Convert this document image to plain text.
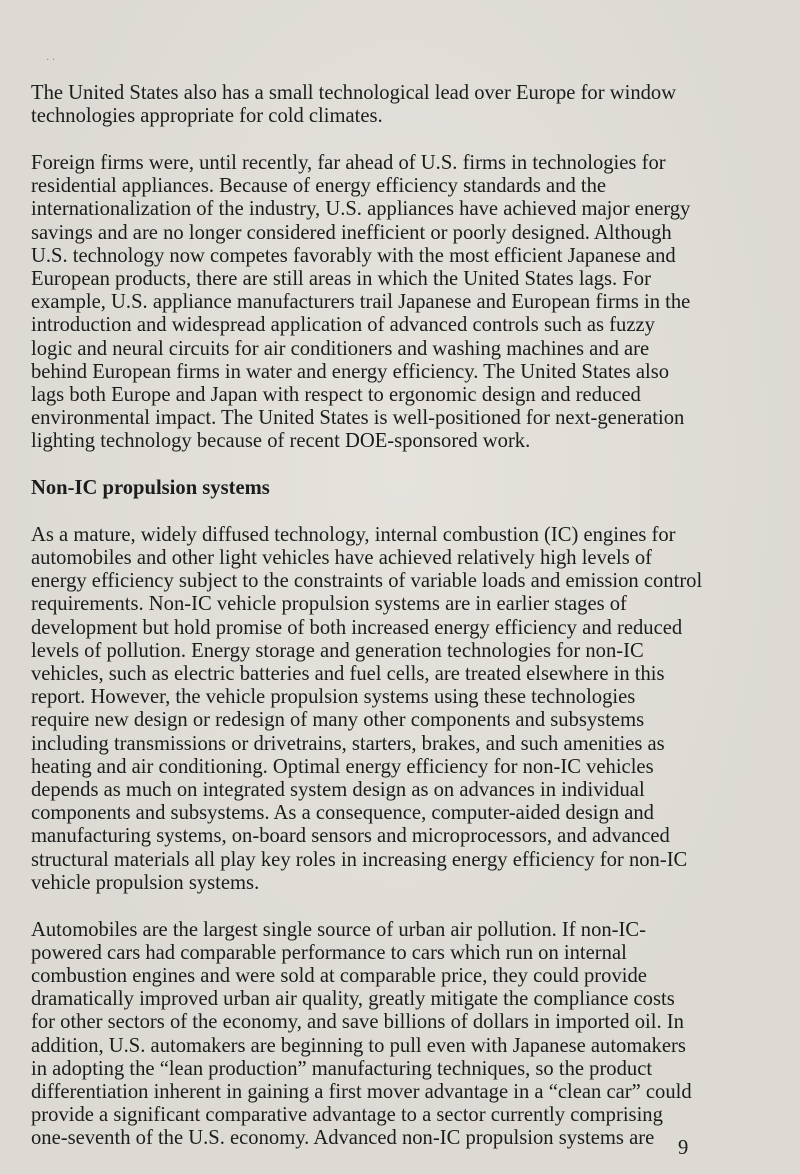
· ·

The United States also has a small technological lead over Europe for window
technologies appropriate for cold climates.

Foreign firms were, until recently, far ahead of U.S. firms in technologies for
residential appliances. Because of energy efficiency standards and the
internationalization of the industry, U.S. appliances have achieved major energy
savings and are no longer considered inefficient or poorly designed. Although
U.S. technology now competes favorably with the most efficient Japanese and
European products, there are still areas in which the United States lags. For
example, U.S. appliance manufacturers trail Japanese and European firms in the
introduction and widespread application of advanced controls such as fuzzy
logic and neural circuits for air conditioners and washing machines and are
behind European firms in water and energy efficiency. The United States also
lags both Europe and Japan with respect to ergonomic design and reduced
environmental impact. The United States is well-positioned for next-generation
lighting technology because of recent DOE-sponsored work.

Non-IC propulsion systems

As a mature, widely diffused technology, internal combustion (IC) engines for
automobiles and other light vehicles have achieved relatively high levels of
energy efficiency subject to the constraints of variable loads and emission control
requirements. Non-IC vehicle propulsion systems are in earlier stages of
development but hold promise of both increased energy efficiency and reduced
levels of pollution. Energy storage and generation technologies for non-IC
vehicles, such as electric batteries and fuel cells, are treated elsewhere in this
report. However, the vehicle propulsion systems using these technologies
require new design or redesign of many other components and subsystems
including transmissions or drivetrains, starters, brakes, and such amenities as
heating and air conditioning. Optimal energy efficiency for non-IC vehicles
depends as much on integrated system design as on advances in individual
components and subsystems. As a consequence, computer-aided design and
manufacturing systems, on-board sensors and microprocessors, and advanced
structural materials all play key roles in increasing energy efficiency for non-IC
vehicle propulsion systems.

Automobiles are the largest single source of urban air pollution. If non-IC-
powered cars had comparable performance to cars which run on internal
combustion engines and were sold at comparable price, they could provide
dramatically improved urban air quality, greatly mitigate the compliance costs
for other sectors of the economy, and save billions of dollars in imported oil. In
addition, U.S. automakers are beginning to pull even with Japanese automakers
in adopting the “lean production” manufacturing techniques, so the product
differentiation inherent in gaining a first mover advantage in a “clean car” could
provide a significant comparative advantage to a sector currently comprising
one-seventh of the U.S. economy. Advanced non-IC propulsion systems are	9
